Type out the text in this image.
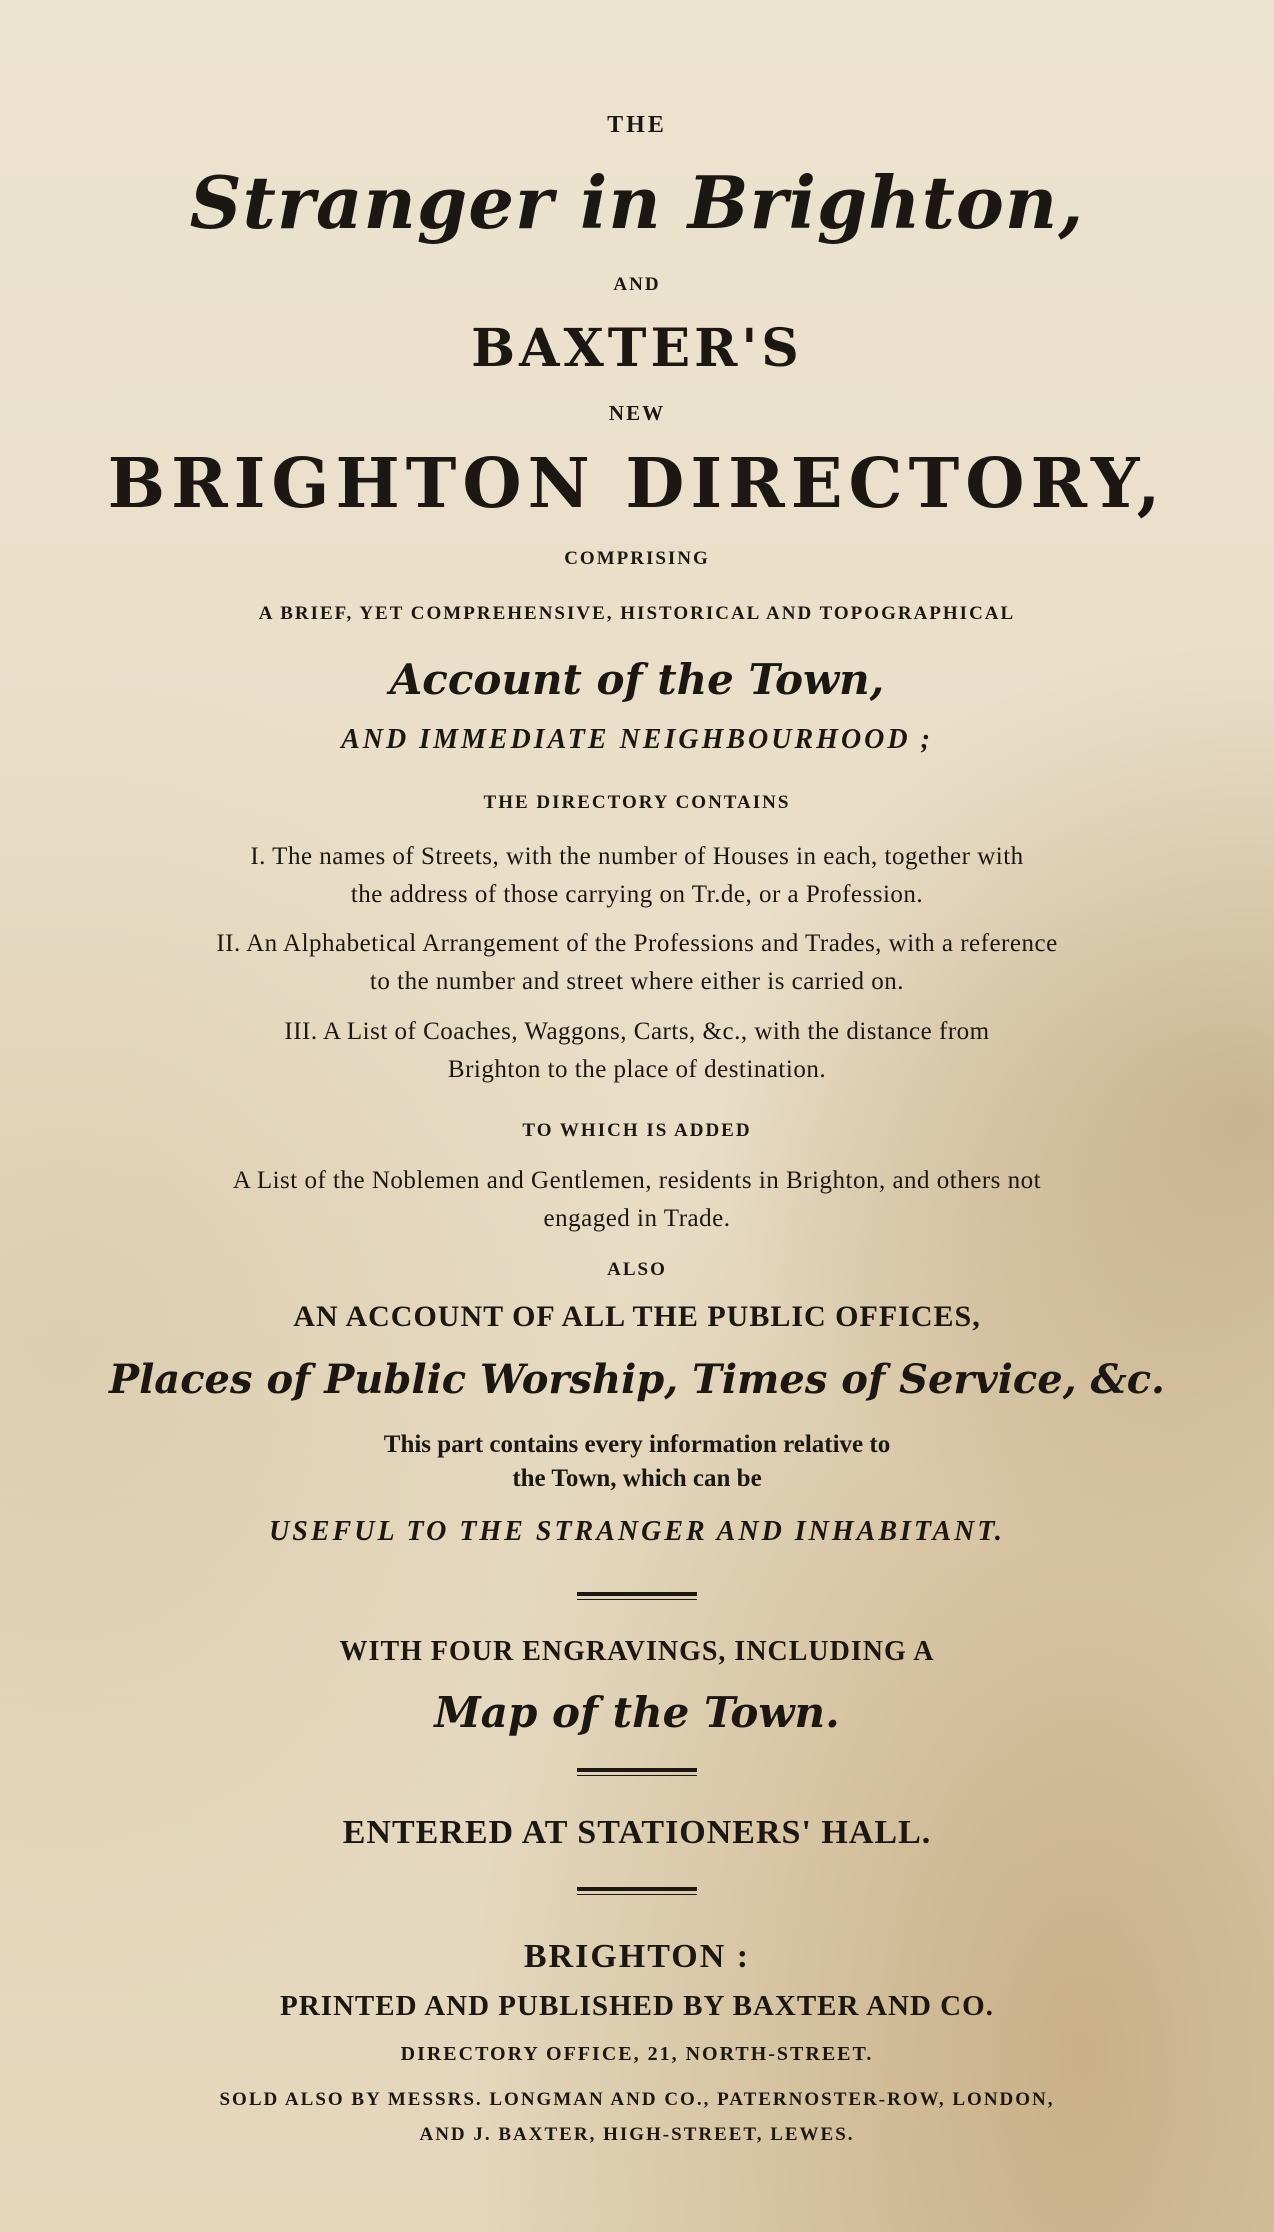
THE
Stranger in Brighton,
AND
BAXTER'S
NEW
BRIGHTON DIRECTORY,
COMPRISING
A BRIEF, YET COMPREHENSIVE, HISTORICAL AND TOPOGRAPHICAL
Account of the Town,
AND IMMEDIATE NEIGHBOURHOOD ;
THE DIRECTORY CONTAINS
I. The names of Streets, with the number of Houses in each, together with
the address of those carrying on Tr.de, or a Profession.
II. An Alphabetical Arrangement of the Professions and Trades, with a reference
to the number and street where either is carried on.
III. A List of Coaches, Waggons, Carts, &c., with the distance from
Brighton to the place of destination.
TO WHICH IS ADDED
A List of the Noblemen and Gentlemen, residents in Brighton, and others not
engaged in Trade.
ALSO
AN ACCOUNT OF ALL THE PUBLIC OFFICES,
Places of Public Worship, Times of Service, &c.
This part contains every information relative to
the Town, which can be
USEFUL TO THE STRANGER AND INHABITANT.
WITH FOUR ENGRAVINGS, INCLUDING A
Map of the Town.
ENTERED AT STATIONERS' HALL.
BRIGHTON :
PRINTED AND PUBLISHED BY BAXTER AND CO.
DIRECTORY OFFICE, 21, NORTH-STREET.
SOLD ALSO BY MESSRS. LONGMAN AND CO., PATERNOSTER-ROW, LONDON,
AND J. BAXTER, HIGH-STREET, LEWES.
